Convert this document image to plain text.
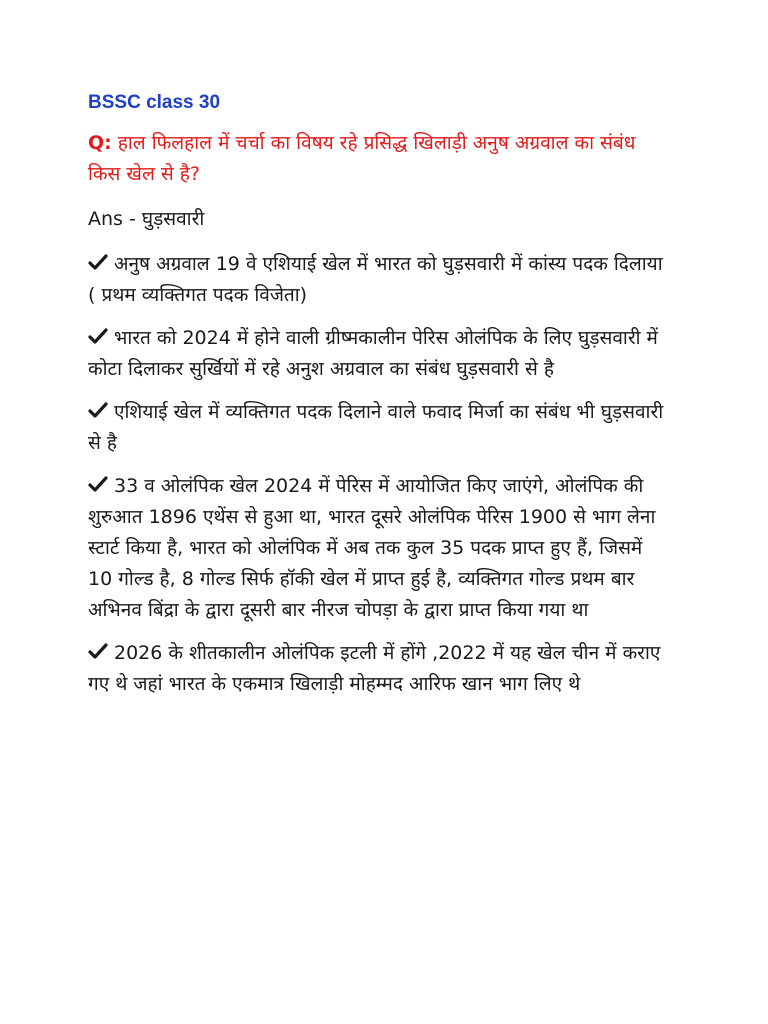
BSSC class 30
Q: हाल फिलहाल में चर्चा का विषय रहे प्रसिद्ध खिलाड़ी अनुष अग्रवाल का संबंध किस खेल से है?
Ans - घुड़सवारी
अनुष अग्रवाल 19 वे एशियाई खेल में भारत को घुड़सवारी में कांस्य पदक दिलाया ( प्रथम व्यक्तिगत पदक विजेता)
भारत को 2024 में होने वाली ग्रीष्मकालीन पेरिस ओलंपिक के लिए घुड़सवारी में कोटा दिलाकर सुर्खियों में रहे अनुश अग्रवाल का संबंध घुड़सवारी से है
एशियाई खेल में व्यक्तिगत पदक दिलाने वाले फवाद मिर्जा का संबंध भी घुड़सवारी से है
33 व ओलंपिक खेल 2024 में पेरिस में आयोजित किए जाएंगे, ओलंपिक की शुरुआत 1896 एथेंस से हुआ था, भारत दूसरे ओलंपिक पेरिस 1900 से भाग लेना स्टार्ट किया है, भारत को ओलंपिक में अब तक कुल 35 पदक प्राप्त हुए हैं, जिसमें 10 गोल्ड है, 8 गोल्ड सिर्फ हॉकी खेल में प्राप्त हुई है, व्यक्तिगत गोल्ड प्रथम बार अभिनव बिंद्रा के द्वारा दूसरी बार नीरज चोपड़ा के द्वारा प्राप्त किया गया था
2026 के शीतकालीन ओलंपिक इटली में होंगे ,2022 में यह खेल चीन में कराए गए थे जहां भारत के एकमात्र खिलाड़ी मोहम्मद आरिफ खान भाग लिए थे
